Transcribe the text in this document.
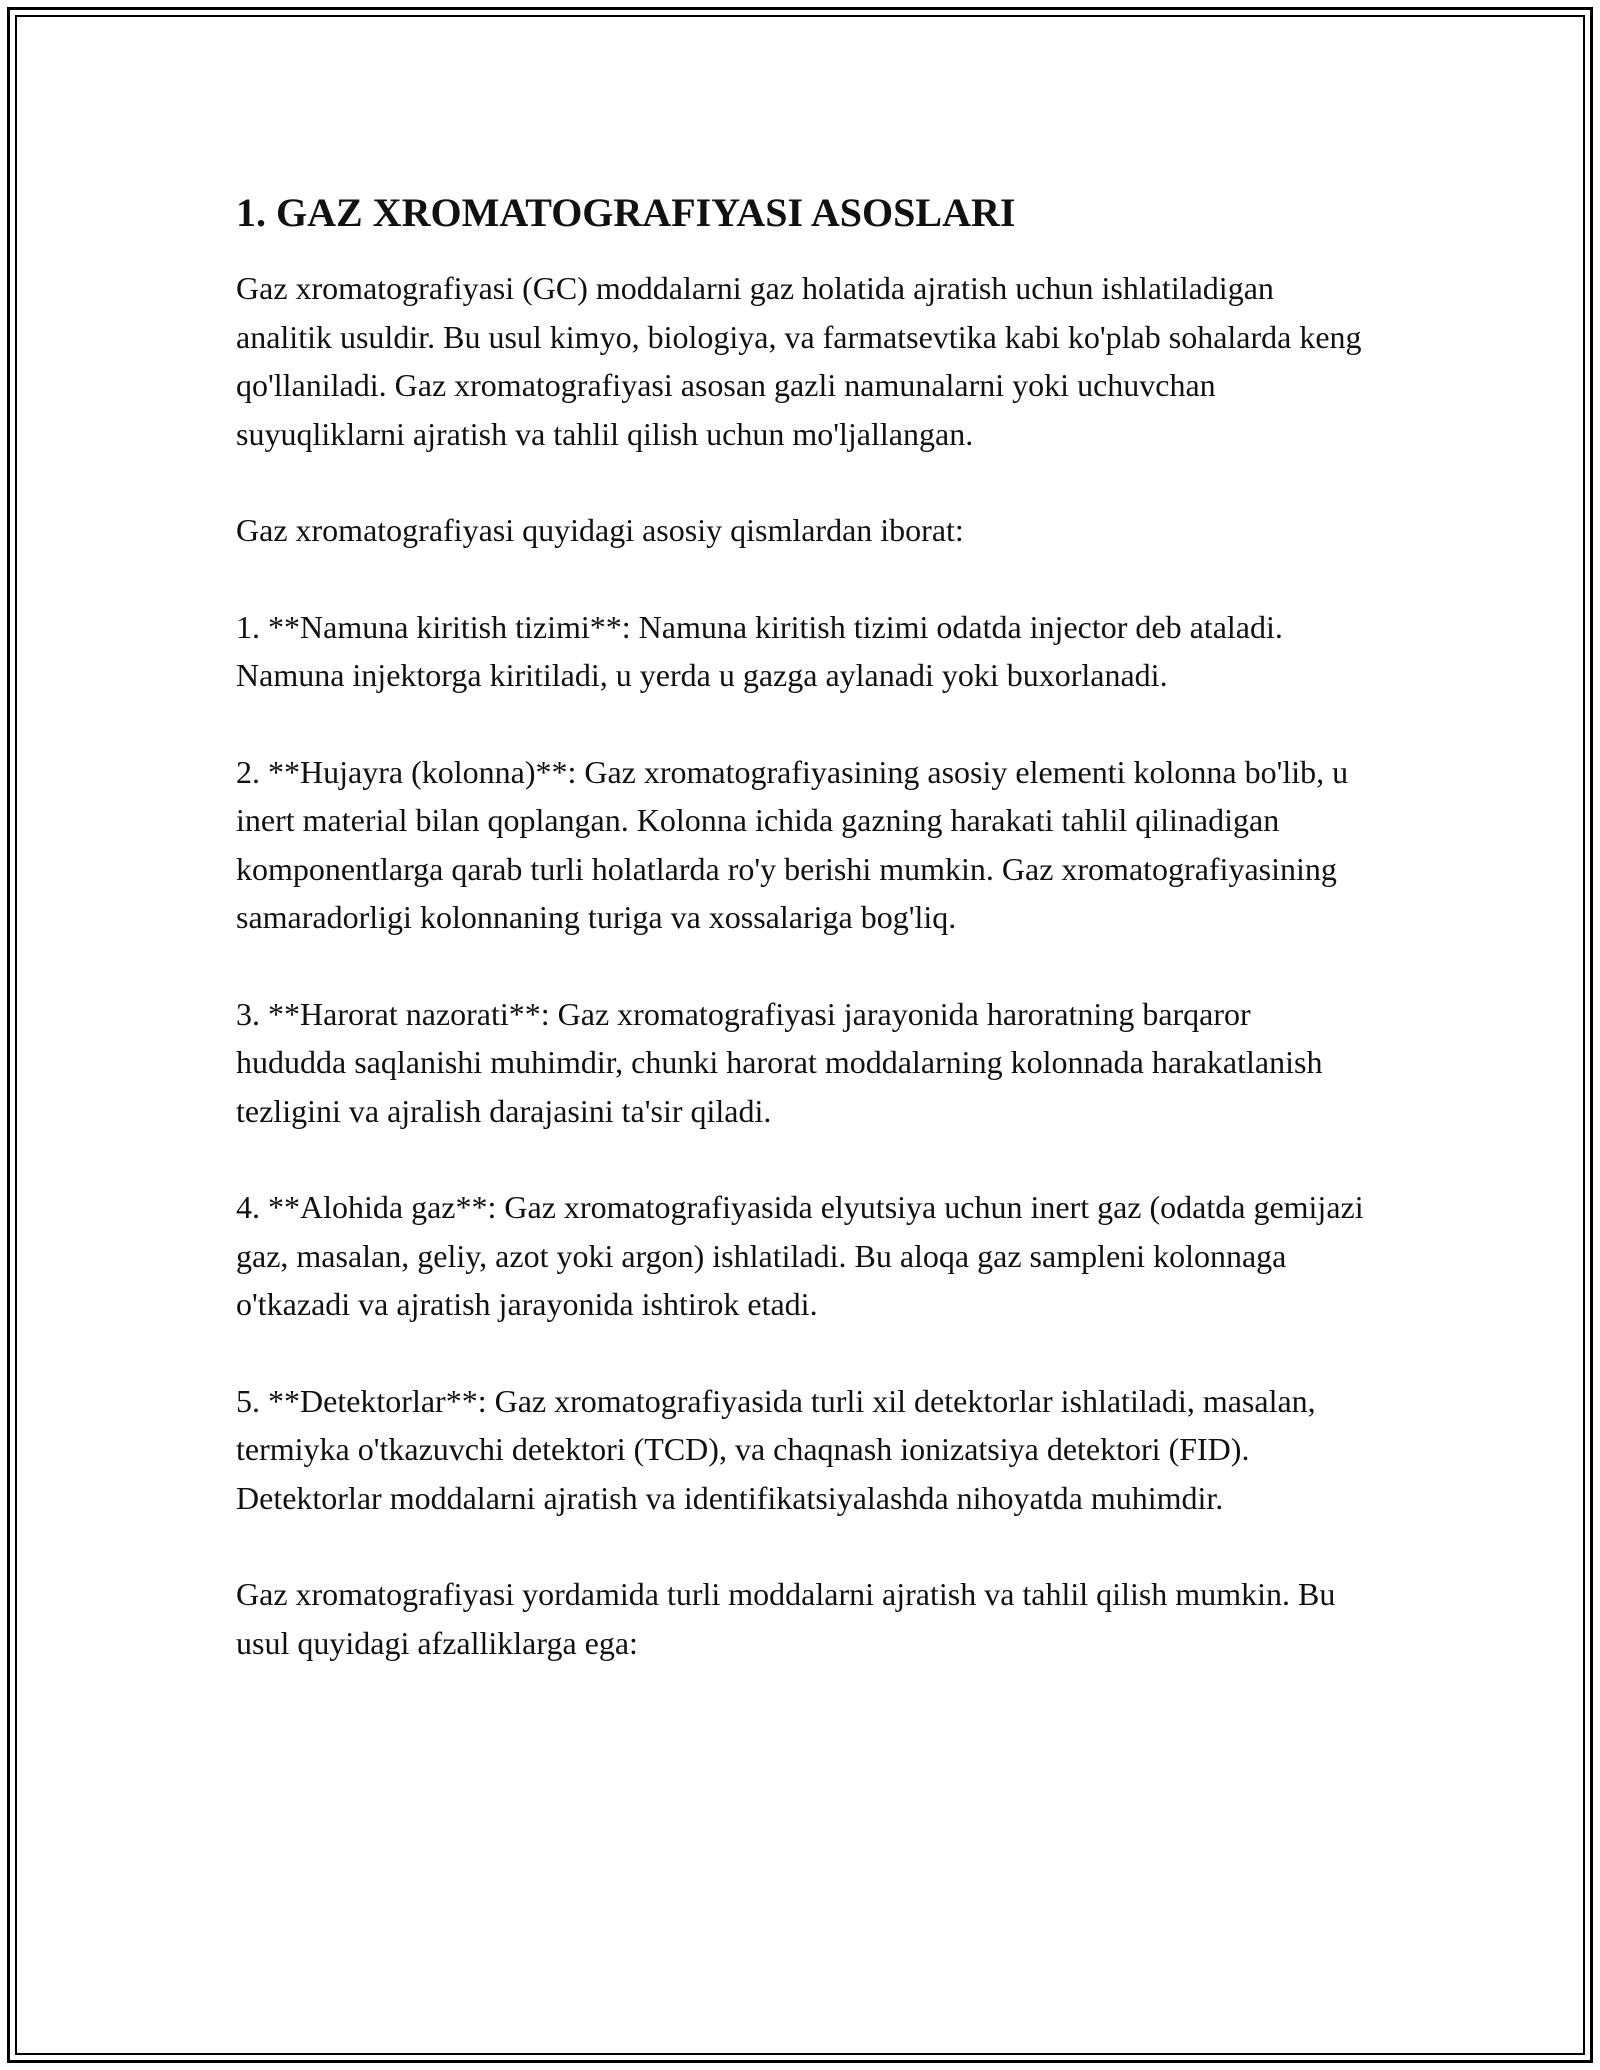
1. GAZ XROMATOGRAFIYASI ASOSLARI

Gaz xromatografiyasi (GC) moddalarni gaz holatida ajratish uchun ishlatiladigan analitik usuldir. Bu usul kimyo, biologiya, va farmatsevtika kabi ko'plab sohalarda keng qo'llaniladi. Gaz xromatografiyasi asosan gazli namunalarni yoki uchuvchan suyuqliklarni ajratish va tahlil qilish uchun mo'ljallangan.

Gaz xromatografiyasi quyidagi asosiy qismlardan iborat:

1. **Namuna kiritish tizimi**: Namuna kiritish tizimi odatda injector deb ataladi. Namuna injektorga kiritiladi, u yerda u gazga aylanadi yoki buxorlanadi.

2. **Hujayra (kolonna)**: Gaz xromatografiyasining asosiy elementi kolonna bo'lib, u inert material bilan qoplangan. Kolonna ichida gazning harakati tahlil qilinadigan komponentlarga qarab turli holatlarda ro'y berishi mumkin. Gaz xromatografiyasining samaradorligi kolonnaning turiga va xossalariga bog'liq.

3. **Harorat nazorati**: Gaz xromatografiyasi jarayonida haroratning barqaror hududda saqlanishi muhimdir, chunki harorat moddalarning kolonnada harakatlanish tezligini va ajralish darajasini ta'sir qiladi.

4. **Alohida gaz**: Gaz xromatografiyasida elyutsiya uchun inert gaz (odatda gemijazi gaz, masalan, geliy, azot yoki argon) ishlatiladi. Bu aloqa gaz sampleni kolonnaga o'tkazadi va ajratish jarayonida ishtirok etadi.

5. **Detektorlar**: Gaz xromatografiyasida turli xil detektorlar ishlatiladi, masalan, termiyka o'tkazuvchi detektori (TCD), va chaqnash ionizatsiya detektori (FID). Detektorlar moddalarni ajratish va identifikatsiyalashda nihoyatda muhimdir.

Gaz xromatografiyasi yordamida turli moddalarni ajratish va tahlil qilish mumkin. Bu usul quyidagi afzalliklarga ega:
